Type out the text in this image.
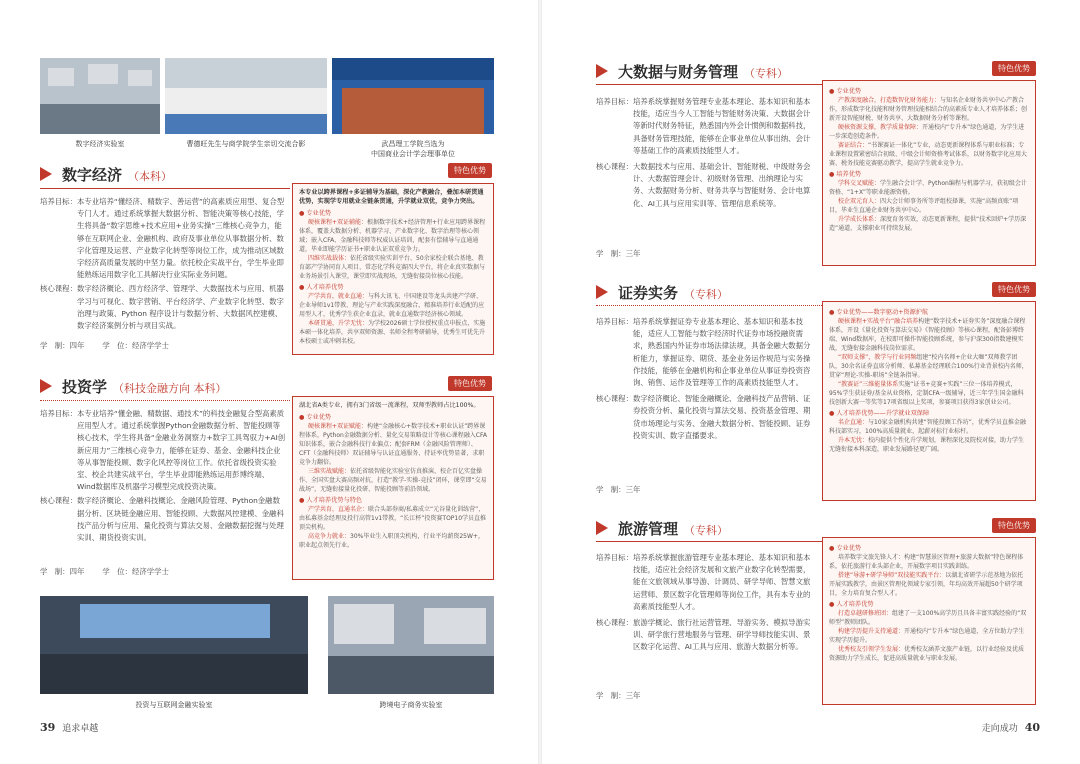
数字经济实验室	曹德旺先生与商学院学生亲切交流合影	武昌理工学院当选为
中国商业会计学会理事单位
数字经济 （本科）	特色优势
培养目标： 本专业培养“懂经济、精数字、善运营”的高素质应用型、复合型专门人才。通过系统掌握大数据分析、智能决策等核心技能，学生将具备“数字思维+技术应用+业务实操”三维核心竞争力，能够在互联网企业、金融机构、政府及事业单位从事数据分析、数字化管理及运营、产业数字化转型等岗位工作，成为推动区域数字经济高质量发展的中坚力量。依托校企实战平台，学生毕业即能熟练运用数字化工具解决行业实际业务问题。
核心课程： 数字经济概论、西方经济学、管理学、大数据技术与应用、机器学习与可视化、数字营销、平台经济学、产业数字化转型、数字治理与政策、Python 程序设计与数据分析、大数据风控建模、数字经济案例分析与项目实战。
学　制：四年 学　位：经济学学士
本专业以跨界课程+多证辅导为基础，深化产教融合，叠加本研贯通优势，实现学专用就业全链条贯通，升学就业双优，竞争力突出。
● 专业优势
硬核课程+双证辅能：根据数字技术+经济管理+行业应用跨界课程体系，覆盖大数据分析、机器学习、产业数字化、数字治理等核心领域；嵌入CFA、金融科技师等权威认证培训，配套有偿辅导与直通通道，毕业即能学历证书+职业认证双重竞争力。
四维实战载体：依托省级实验实训平台、50余家校企联合基地、教育部产学协同育人项目、常态化学科竞赛四大平台，将企业真实数据与业务场景引入课堂，课堂即实战现场，无缝衔接岗位核心技能。
● 人才培养优势
产学共育，就业直通：与科大讯飞、中国建设等龙头共建产学研、企业导师1v1带教、理论与产业实践深度融合，精准培养行业适配的应用型人才，优秀学生获企业直录，就业直通数字经济核心领域。
本研贯通，升学无忧：为学校2026硕士学位授权重点申报点，实施本硕一体化培养，共享双师资源、名师全程考研辅导，优秀生可优先升本校硕士或冲刺名校。
投资学 （科技金融方向 本科）	特色优势
培养目标： 本专业培养“懂金融、精数据、通技术”的科技金融复合型高素质应用型人才。通过系统掌握Python金融数据分析、智能投顾等核心技术，学生将具备“金融业务洞察力+数字工具驾驭力+AI创新应用力”三维核心竞争力，能够在证券、基金、金融科技企业等从事智能投顾、数字化风控等岗位工作。依托省级投资实验室、校企共建实战平台，学生毕业即能熟练运用彭博终端、Wind数据库及机器学习模型完成投资决策。
核心课程： 数字经济概论、金融科技概论、金融风险管理、Python金融数据分析、区块链金融应用、智能投顾、大数据风控建模、金融科技产品分析与应用、量化投资与算法交易、金融数据挖掘与处理实训、期货投资实训。
学　制：四年 学　位：经济学学士
湖北省A类专业，拥有3门省级一流课程，双师型教师占比100%。
● 专业优势
硬核课程+双证赋能：构建“金融核心+数字技术+职业认证”跨界课程体系，Python金融数据分析、量化交易策略设计等核心课程融入CFA知识体系，嵌合金融科技行业偏点；配套FRM（金融风险管理师）、CFT（金融科技师）双证辅导与认证直通服务，持证率优势显著，求职竞争力翻倍。
三维实战赋能：依托省级智能化实验室仿真推演、校企百亿实盘操作、全国实盘大赛高频对抗，打造“教学-实操-竞技”闭环，课堂即“交易战场”，无缝衔接量化投研、智能投顾等前沿领域。
● 人才培养优势与特色
产学共育，直通名企：联合头部券商/私募成立“元谷量化训练营”，由私募基金经理及投行高管1v1带教，“长江杯”投资赛TOP10学员直推顶尖机构。
高竞争力就业：30%毕业生入职顶尖机构，行业平均薪资25W+，职业起点领先行业。
投资与互联网金融实验室	跨境电子商务实验室
39 追求卓越
大数据与财务管理 （专科）	特色优势
培养目标： 培养系统掌握财务管理专业基本理论、基本知识和基本技能，适应当今人工智能与智能财务决策、大数据会计等新时代财务特征，熟悉国内外会计惯例和数据科技，具备财务管理技能，能够在企事业单位从事出纳、会计等基础工作的高素质技能型人才。
核心课程： 大数据技术与应用、基础会计、智能财税、中级财务会计、大数据管理会计、初级财务管理、出纳理论与实务、大数据财务分析、财务共享与智能财务、会计电算化、AI工具与应用实训等、管理信息系统等。
学　制：三年
● 专业优势
产教深度融合，打造数智化财务能力：与知名企业财务共享中心产教合作，形成数字化技能和财务管理技能相结合的高素质专业人才培养体系；创新开设智能财税、财务共享、大数据财务分析等课程。
硬核资源支撑，教学质量保障：开通校内“专升本”绿色通道，为学生进一步深造创造条件。
赛证结合：“书课赛证一体化”专业，动态更新课程体系与职业标准；专业课程设置紧密结合初级、中级会计师资格考试体系，以财务数字化应用大赛、税务技能竞赛驱动教学，提高学生就业竞争力。
● 培养优势
学科交叉赋能：学生融合会计学、Python编程与机器学习，获初级会计资格、“1+X”等职业能源资格。
校企双元育人：四大会计师事务所等评组校择课，实施“高频真账”项目，毕业生直通企业财务共享中心。
升学成长体系：深度育务实效，动态更新课程，提供“技术回炉+学历深造”通道，支撑职业可持续发展。
证券实务 （专科）	特色优势
培养目标： 培养系统掌握证券专业基本理论、基本知识和基本技能，适应人工智能与数字经济时代证券市场投融资需求，熟悉国内外证券市场法律法规，具备金融大数据分析能力，掌握证券、期货、基金业务运作规范与实务操作技能，能够在金融机构和企事业单位从事证券投资咨询、销售、运作及管理等工作的高素质技能型人才。
核心课程： 数字经济概论、智能金融概论、金融科技产品营销、证券投资分析、量化投资与算法交易、投资基金管理、期货市场理论与实务、金融大数据分析、智能投顾、证券投资实训、数字直播要求。
学　制：三年
● 专业优势——数字驱动+资源护航
硬核课程+实战平台“融合培养构建“数字技术+证券实务”深度融合课程体系，开设《量化投资与算法交易》《智能投顾》等核心课程，配备彭博终端、Wind数据库，在校即可操作智能投顾系统，参与沪深300指数建模实战，无缝衔接金融科技岗位需求。
“双师支撑”，教学与行业同频组建“校内名师+企业大咖”双师教学团队，30余名证券直席分析师、私募基金经理联合100%行业背景校内名师，贯穿“理论-实操-职场”全链条指导。
“教赛证”三维能量体系实施“证书+竞赛+实践”三位一体培养模式，95%学生获证券/基金从业资格，定制CFA一级辅导，近三年学生国金融科技创新大赛一等奖等17项省级以上奖项，参赛项目获得3家创业公司。
● 人才培养优势——升学就业双保障
名企直通：与10家金融机构共建“智能投顾工作坊”，优秀学员直推金融科技部实习，100%高质量就业，起薪对标行业标杆。
升本无忧：校内提供个性化升学规划，课程深化及院校对接，助力学生无缝衔接本科深造，职业发展路径更广阔。
旅游管理 （专科）	特色优势
培养目标： 培养系统掌握旅游管理专业基本理论、基本知识和基本技能，适应社会经济发展和文旅产业数字化转型需要，能在文旅领域从事导游、计调员、研学导师、智慧文旅运营师、景区数字化管理师等岗位工作，具有本专业的高素质技能型人才。
核心课程： 旅游学概论、旅行社运营管理、导游实务、模拟导游实训、研学旅行营地服务与管理、研学导师技能实训、景区数字化运营、AI工具与应用、旅游大数据分析等。
学　制：三年
● 专业优势
培养数字文旅先锋人才：构建“智慧景区管理+旅游大数据”特色课程体系，依托旅游行业头部企业，开展数字项目实践训练。
搭建“导游+研学导师”双技能实践平台：以湖北省研学示范基地为依托开展实践教学，由景区管理化领域专家引领，年均高效开展超50个研学项目，全力培育复合型人才。
● 人才培养优势
打造卓越研修班团：组建了一支100%高学历且具备丰富实践经验的“双师型”教师团队。
构建学历提升支持通道：开通校内“专升本”绿色通道，全方位助力学生实现学历提升。
优秀校友引领学生发展：优秀校友涵养文旅产业链，以行业经验及优质资源助力学生成长，促进高质量就业与职业发展。
走向成功 40
